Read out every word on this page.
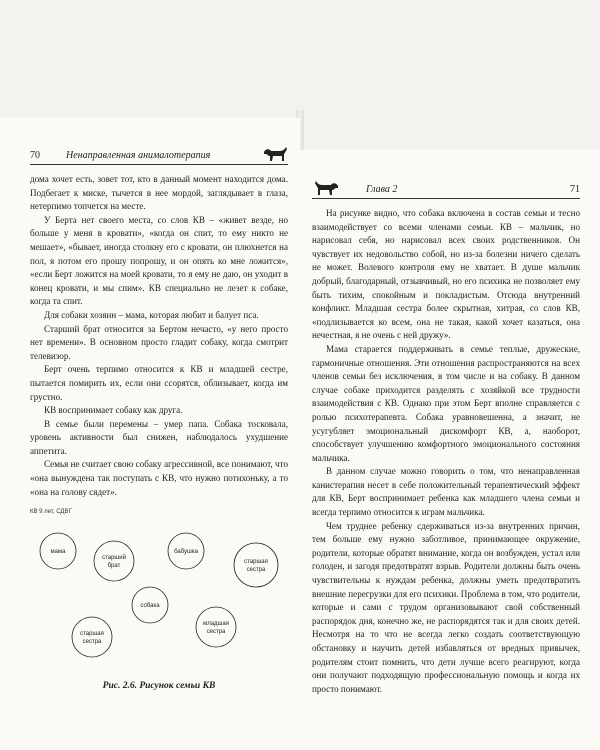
70	Ненаправленная анималотерапия

дома хочет есть, зовет тот, кто в данный момент находится дома. Подбегает к миске, тычется в нее мордой, заглядывает в глаза, нетерпимо топчется на месте.

У Берта нет своего места, со слов КВ – «живет везде, но больше у меня в кровати», «когда он спит, то ему никто не мешает», «бывает, иногда столкну его с кровати, он плюхнется на пол, я потом его прошу попрошу, и он опять ко мне ложится», «если Берт ложится на моей кровати, то я ему не даю, он уходит в конец кровати, и мы спим». КВ специально не лезет к собаке, когда та спит.

Для собаки хозяин – мама, которая любит и балует пса.

Старший брат относится за Бертом нечасто, «у него просто нет времени». В основном просто гладит собаку, когда смотрит телевизор.

Берт очень терпимо относится к КВ и младшей сестре, пытается помирить их, если они ссорятся, облизывает, когда им грустно.

КВ воспринимает собаку как друга.

В семье были перемены – умер папа. Собака тосковала, уровень активности был снижен, наблюдалось ухудшение аппетита.

Семья не считает свою собаку агрессивной, все понимают, что «она вынуждена так поступать с КВ, что нужно потихоньку, а то «она на голову сядет».

КВ 9 лет, СДВГ
мама
старший брат
бабушка
старшая сестра
собака
старшая сестра
младшая сестра
Рис. 2.6. Рисунок семьи КВ
Глава 2	71

На рисунке видно, что собака включена в состав семьи и тесно взаимодействует со всеми членами семьи. КВ – мальчик, но нарисовал себя, но нарисовал всех своих родственников. Он чувствует их недовольство собой, но из-за болезни ничего сделать не может. Волевого контроля ему не хватает. В душе мальчик добрый, благодарный, отзывчивый, но его психика не позволяет ему быть тихим, спокойным и покладистым. Отсюда внутренний конфликт. Младшая сестра более скрытная, хитрая, со слов КВ, «подлизывается ко всем, она не такая, какой хочет казаться, она нечестная, я не очень с ней дружу».

Мама старается поддерживать в семье теплые, дружеские, гармоничные отношения. Эти отношения распространяются на всех членов семьи без исключения, в том числе и на собаку. В данном случае собаке приходится разделять с хозяйкой все трудности взаимодействия с КВ. Однако при этом Берт вполне справляется с ролью психотерапевта. Собака уравновешенна, а значит, не усугубляет эмоциональный дискомфорт КВ, а, наоборот, способствует улучшению комфортного эмоционального состояния мальчика.

В данном случае можно говорить о том, что ненаправленная канистерапия несет в себе положительный терапевтический эффект для КВ, Берт воспринимает ребенка как младшего члена семьи и всегда терпимо относится к играм мальчика.

Чем труднее ребенку сдерживаться из-за внутренних причин, тем больше ему нужно заботливое, принимающее окружение, родители, которые обратят внимание, когда он возбужден, устал или голоден, и загодя предотвратят взрыв. Родители должны быть очень чувствительны к нуждам ребенка, должны уметь предотвратить внешние перегрузки для его психики. Проблема в том, что родители, которые и сами с трудом организовывают свой собственный распорядок дня, конечно же, не распорядятся так и для своих детей. Несмотря на то что не всегда легко создать соответствующую обстановку и научить детей избавляться от вредных привычек, родителям стоит помнить, что дети лучше всего реагируют, когда они получают подходящую профессиональную помощь и когда их просто понимают.
